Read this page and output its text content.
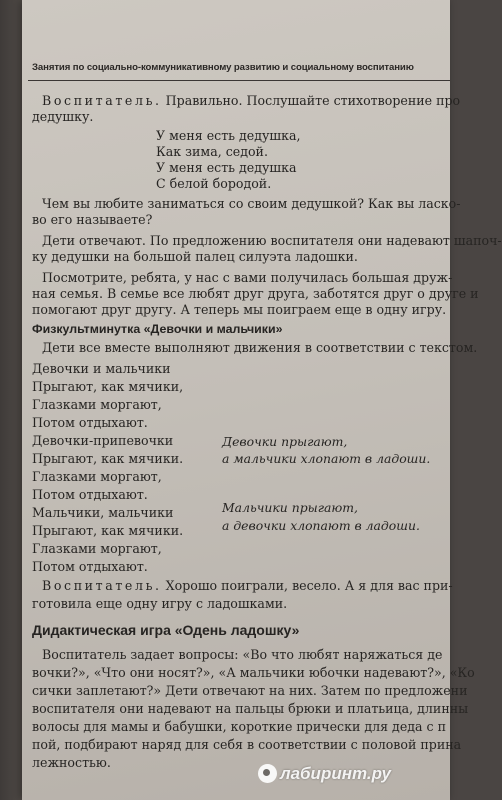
Занятия по социально-коммуникативному развитию и социальному воспитанию
Воспитатель. Правильно. Послушайте стихотворение про
дедушку.
У меня есть дедушка,
Как зима, седой.
У меня есть дедушка
С белой бородой.
Чем вы любите заниматься со своим дедушкой? Как вы ласко-
во его называете?
Дети отвечают. По предложению воспитателя они надевают шапоч-
ку дедушки на большой палец силуэта ладошки.
Посмотрите, ребята, у нас с вами получилась большая друж-
ная семья. В семье все любят друг друга, заботятся друг о друге и
помогают друг другу. А теперь мы поиграем еще в одну игру.
Физкультминутка «Девочки и мальчики»
Дети все вместе выполняют движения в соответствии с текстом.
Девочки и мальчики
Прыгают, как мячики,
Глазками моргают,
Потом отдыхают.
Девочки-припевочки
Прыгают, как мячики.
Глазками моргают,
Потом отдыхают.
Мальчики, мальчики
Прыгают, как мячики.
Глазками моргают,
Потом отдыхают.
Девочки прыгают,
а мальчики хлопают в ладоши.
Мальчики прыгают,
а девочки хлопают в ладоши.
Воспитатель. Хорошо поиграли, весело. А я для вас при-
готовила еще одну игру с ладошками.
Дидактическая игра «Одень ладошку»
Воспитатель задает вопросы: «Во что любят наряжаться де
вочки?», «Что они носят?», «А мальчики юбочки надевают?», «Ко
сички заплетают?» Дети отвечают на них. Затем по предложени
воспитателя они надевают на пальцы брюки и платьица, длинны
волосы для мамы и бабушки, короткие прически для деда с п
пой, подбирают наряд для себя в соответствии с половой прина
лежностью.
лабиринт.ру
